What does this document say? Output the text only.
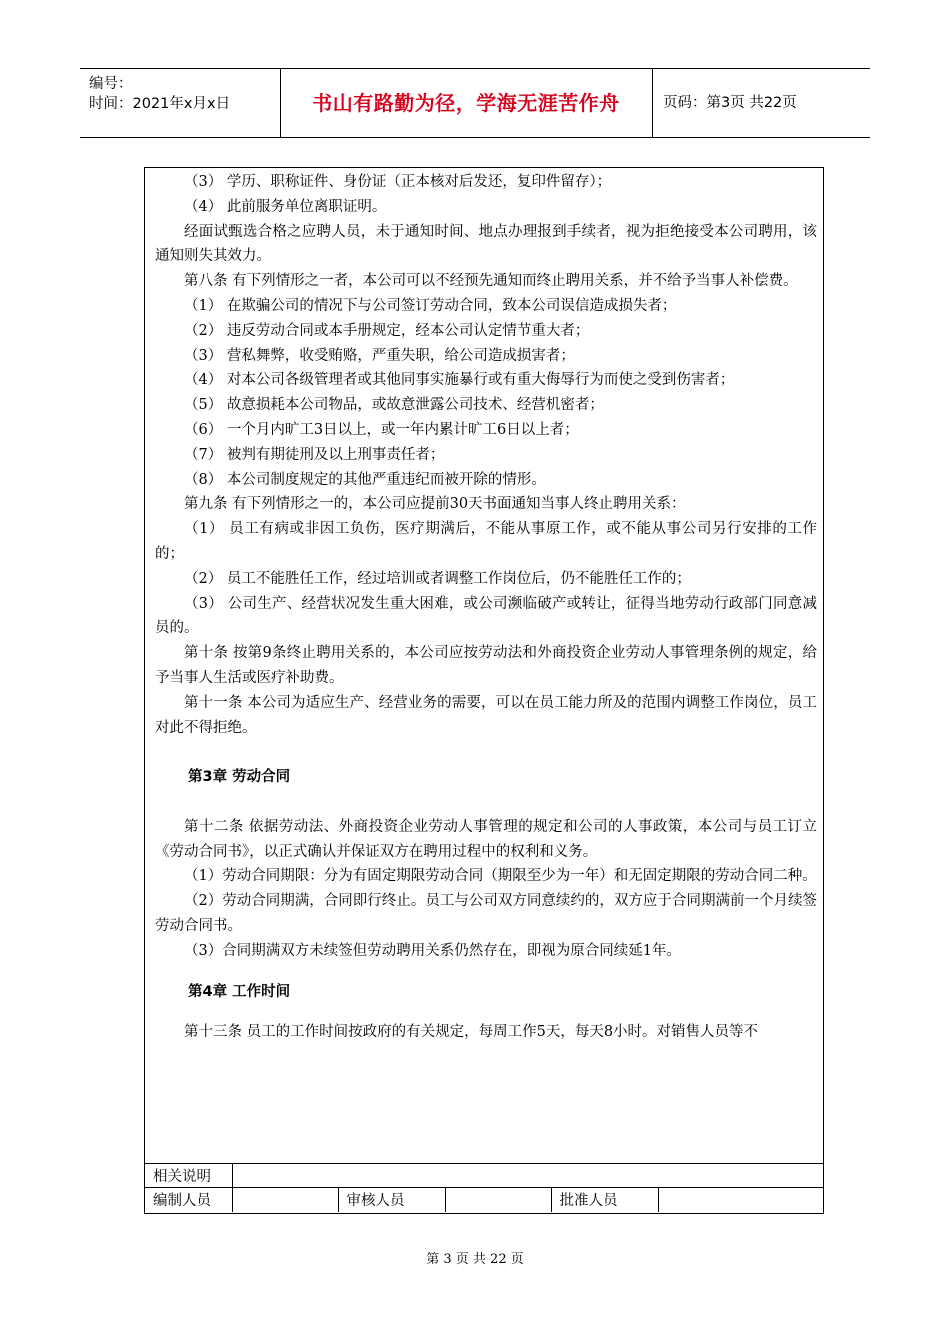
编号：
时间：2021年x月x日	书山有路勤为径，学海无涯苦作舟	页码：第3页 共22页

（3） 学历、职称证件、身份证（正本核对后发还，复印件留存）；

（4） 此前服务单位离职证明。

经面试甄选合格之应聘人员，未于通知时间、地点办理报到手续者，视为拒绝接受本公司聘用，该通知则失其效力。

第八条 有下列情形之一者，本公司可以不经预先通知而终止聘用关系，并不给予当事人补偿费。

（1） 在欺骗公司的情况下与公司签订劳动合同，致本公司误信造成损失者；

（2） 违反劳动合同或本手册规定，经本公司认定情节重大者；

（3） 营私舞弊，收受贿赂，严重失职，给公司造成损害者；

（4） 对本公司各级管理者或其他同事实施暴行或有重大侮辱行为而使之受到伤害者；

（5） 故意损耗本公司物品，或故意泄露公司技术、经营机密者；

（6） 一个月内旷工3日以上，或一年内累计旷工6日以上者；

（7） 被判有期徒刑及以上刑事责任者；

（8） 本公司制度规定的其他严重违纪而被开除的情形。

第九条 有下列情形之一的，本公司应提前30天书面通知当事人终止聘用关系：

（1） 员工有病或非因工负伤，医疗期满后，不能从事原工作，或不能从事公司另行安排的工作的；

（2） 员工不能胜任工作，经过培训或者调整工作岗位后，仍不能胜任工作的；

（3） 公司生产、经营状况发生重大困难，或公司濒临破产或转让，征得当地劳动行政部门同意减员的。

第十条 按第9条终止聘用关系的，本公司应按劳动法和外商投资企业劳动人事管理条例的规定，给予当事人生活或医疗补助费。

第十一条 本公司为适应生产、经营业务的需要，可以在员工能力所及的范围内调整工作岗位，员工对此不得拒绝。

第3章 劳动合同

第十二条 依据劳动法、外商投资企业劳动人事管理的规定和公司的人事政策，本公司与员工订立《劳动合同书》，以正式确认并保证双方在聘用过程中的权利和义务。

（1）劳动合同期限：分为有固定期限劳动合同（期限至少为一年）和无固定期限的劳动合同二种。

（2）劳动合同期满，合同即行终止。员工与公司双方同意续约的，双方应于合同期满前一个月续签劳动合同书。

（3）合同期满双方未续签但劳动聘用关系仍然存在，即视为原合同续延1年。

第4章 工作时间

第十三条 员工的工作时间按政府的有关规定，每周工作5天，每天8小时。对销售人员等不

相关说明					
编制人员		审核人员		批准人员	
第 3 页 共 22 页
